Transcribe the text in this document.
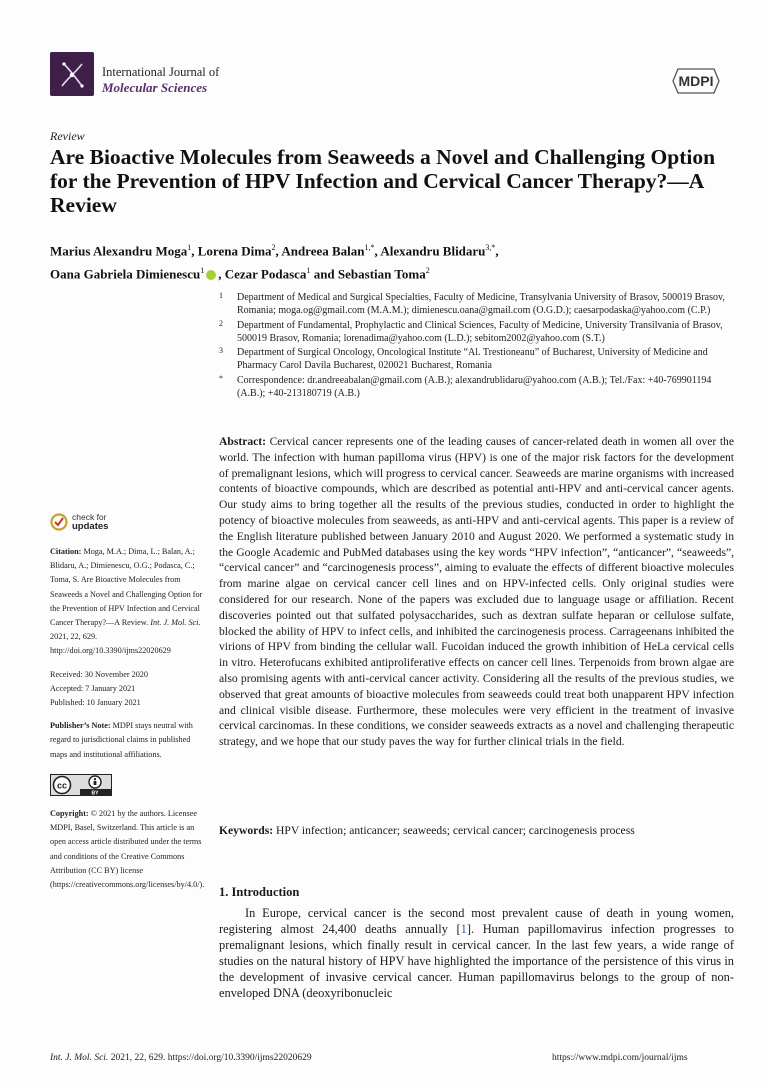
International Journal of
Molecular Sciences	MDPI
Review
Are Bioactive Molecules from Seaweeds a Novel and Challenging Option for the Prevention of HPV Infection and Cervical Cancer Therapy?—A Review
Marius Alexandru Moga$^1$, Lorena Dima$^2$, Andreea Balan$^{1,*}$, Alexandru Blidaru$^{3,*}$,
Oana Gabriela Dimienescu$^1$ , Cezar Podasca$^1$ and Sebastian Toma$^2$
1 Department of Medical and Surgical Specialties, Faculty of Medicine, Transylvania University of Brasov, 500019 Brasov, Romania; moga.og@gmail.com (M.A.M.); dimienescu.oana@gmail.com (O.G.D.); caesarpodaska@yahoo.com (C.P.)
2 Department of Fundamental, Prophylactic and Clinical Sciences, Faculty of Medicine, University Transilvania of Brasov, 500019 Brasov, Romania; lorenadima@yahoo.com (L.D.); sebitom2002@yahoo.com (S.T.)
3 Department of Surgical Oncology, Oncological Institute “Al. Trestioneanu” of Bucharest, University of Medicine and Pharmacy Carol Davila Bucharest, 020021 Bucharest, Romania
* Correspondence: dr.andreeabalan@gmail.com (A.B.); alexandrublidaru@yahoo.com (A.B.); Tel./Fax: +40-769901194 (A.B.); +40-213180719 (A.B.)
Abstract: Cervical cancer represents one of the leading causes of cancer-related death in women all over the world. The infection with human papilloma virus (HPV) is one of the major risk factors for the development of premalignant lesions, which will progress to cervical cancer. Seaweeds are marine organisms with increased contents of bioactive compounds, which are described as potential anti-HPV and anti-cervical cancer agents. Our study aims to bring together all the results of the previous studies, conducted in order to highlight the potency of bioactive molecules from seaweeds, as anti-HPV and anti-cervical agents. This paper is a review of the English literature published between January 2010 and August 2020. We performed a systematic study in the Google Academic and PubMed databases using the key words “HPV infection”, “anticancer”, “seaweeds”, “cervical cancer” and “carcinogenesis process”, aiming to evaluate the effects of different bioactive molecules from marine algae on cervical cancer cell lines and on HPV-infected cells. Only original studies were considered for our research. None of the papers was excluded due to language usage or affiliation. Recent discoveries pointed out that sulfated polysaccharides, such as dextran sulfate heparan or cellulose sulfate, blocked the ability of HPV to infect cells, and inhibited the carcinogenesis process. Carrageenans inhibited the virions of HPV from binding the cellular wall. Fucoidan induced the growth inhibition of HeLa cervical cells in vitro. Heterofucans exhibited antiproliferative effects on cancer cell lines. Terpenoids from brown algae are also promising agents with anti-cervical cancer activity. Considering all the results of the previous studies, we observed that great amounts of bioactive molecules from seaweeds could treat both unapparent HPV infection and clinical visible disease. Furthermore, these molecules were very efficient in the treatment of invasive cervical carcinomas. In these conditions, we consider seaweeds extracts as a novel and challenging therapeutic strategy, and we hope that our study paves the way for further clinical trials in the field.
Keywords: HPV infection; anticancer; seaweeds; cervical cancer; carcinogenesis process
1. Introduction
In Europe, cervical cancer is the second most prevalent cause of death in young women, registering almost 24,400 deaths annually [1]. Human papillomavirus infection progresses to premalignant lesions, which finally result in cervical cancer. In the last few years, a wide range of studies on the natural history of HPV have highlighted the importance of the persistence of this virus in the development of invasive cervical cancer. Human papillomavirus belongs to the group of non-enveloped DNA (deoxyribonucleic
check for
updates

Citation: Moga, M.A.; Dima, L.; Balan, A.; Blidaru, A.; Dimienescu, O.G.; Podasca, C.; Toma, S. Are Bioactive Molecules from Seaweeds a Novel and Challenging Option for the Prevention of HPV Infection and Cervical Cancer Therapy?—A Review. Int. J. Mol. Sci. 2021, 22, 629. http://doi.org/10.3390/ijms22020629

Received: 30 November 2020

Accepted: 7 January 2021

Published: 10 January 2021

Publisher’s Note: MDPI stays neutral with regard to jurisdictional claims in published maps and institutional affiliations.

cc
BY

Copyright: © 2021 by the authors. Licensee MDPI, Basel, Switzerland. This article is an open access article distributed under the terms and conditions of the Creative Commons Attribution (CC BY) license (https://creativecommons.org/licenses/by/4.0/).

Int. J. Mol. Sci. 2021, 22, 629. https://doi.org/10.3390/ijms22020629	https://www.mdpi.com/journal/ijms
